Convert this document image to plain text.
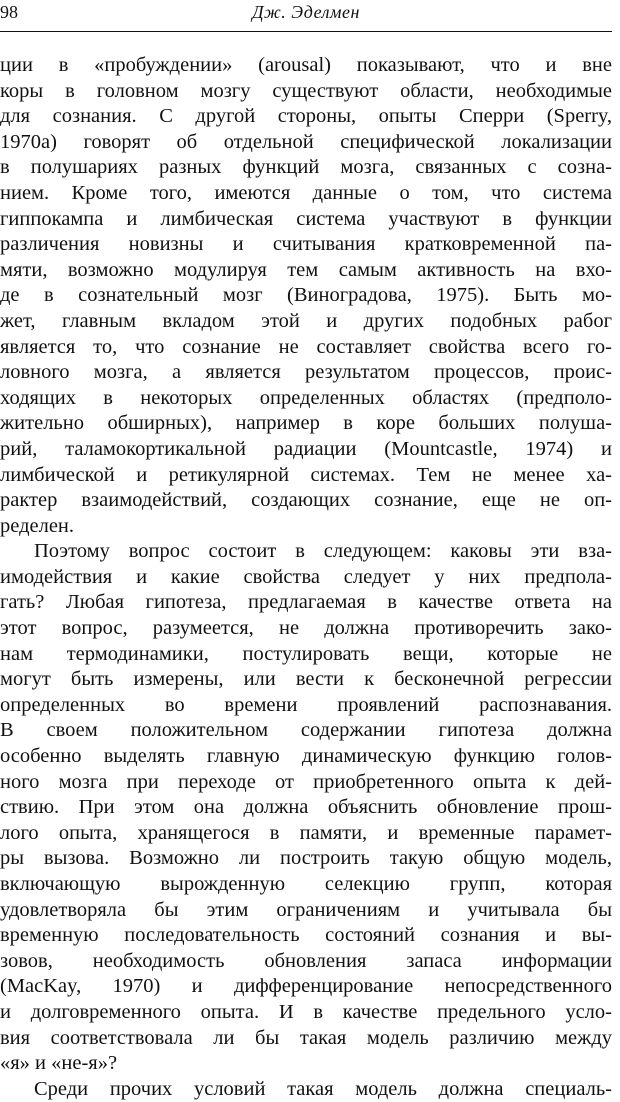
98	Дж. Эделмен
ции в «пробуждении» (arousal) показывают, что и вне
коры в головном мозгу существуют области, необходимые
для сознания. С другой стороны, опыты Сперри (Sperry,
1970a) говорят об отдельной специфической локализации
в полушариях разных функций мозга, связанных с созна-
нием. Кроме того, имеются данные о том, что система
гиппокампа и лимбическая система участвуют в функции
различения новизны и считывания кратковременной па-
мяти, возможно модулируя тем самым активность на вхо-
де в сознательный мозг (Виноградова, 1975). Быть мо-
жет, главным вкладом этой и других подобных рабог
является то, что сознание не составляет свойства всего го-
ловного мозга, а является результатом процессов, проис-
ходящих в некоторых определенных областях (предполо-
жительно обширных), например в коре больших полуша-
рий, таламокортикальной радиации (Mountcastle, 1974) и
лимбической и ретикулярной системах. Тем не менее ха-
рактер взаимодействий, создающих сознание, еще не оп-
ределен.
Поэтому вопрос состоит в следующем: каковы эти вза-
имодействия и какие свойства следует у них предпола-
гать? Любая гипотеза, предлагаемая в качестве ответа на
этот вопрос, разумеется, не должна противоречить зако-
нам термодинамики, постулировать вещи, которые не
могут быть измерены, или вести к бесконечной регрессии
определенных во времени проявлений распознавания.
В своем положительном содержании гипотеза должна
особенно выделять главную динамическую функцию голов-
ного мозга при переходе от приобретенного опыта к дей-
ствию. При этом она должна объяснить обновление прош-
лого опыта, хранящегося в памяти, и временные парамет-
ры вызова. Возможно ли построить такую общую модель,
включающую вырожденную селекцию групп, которая
удовлетворяла бы этим ограничениям и учитывала бы
временную последовательность состояний сознания и вы-
зовов, необходимость обновления запаса информации
(MacKay, 1970) и дифференцирование непосредственного
и долговременного опыта. И в качестве предельного усло-
вия соответствовала ли бы такая модель различию между
«я» и «не-я»?
Среди прочих условий такая модель должна специаль-
